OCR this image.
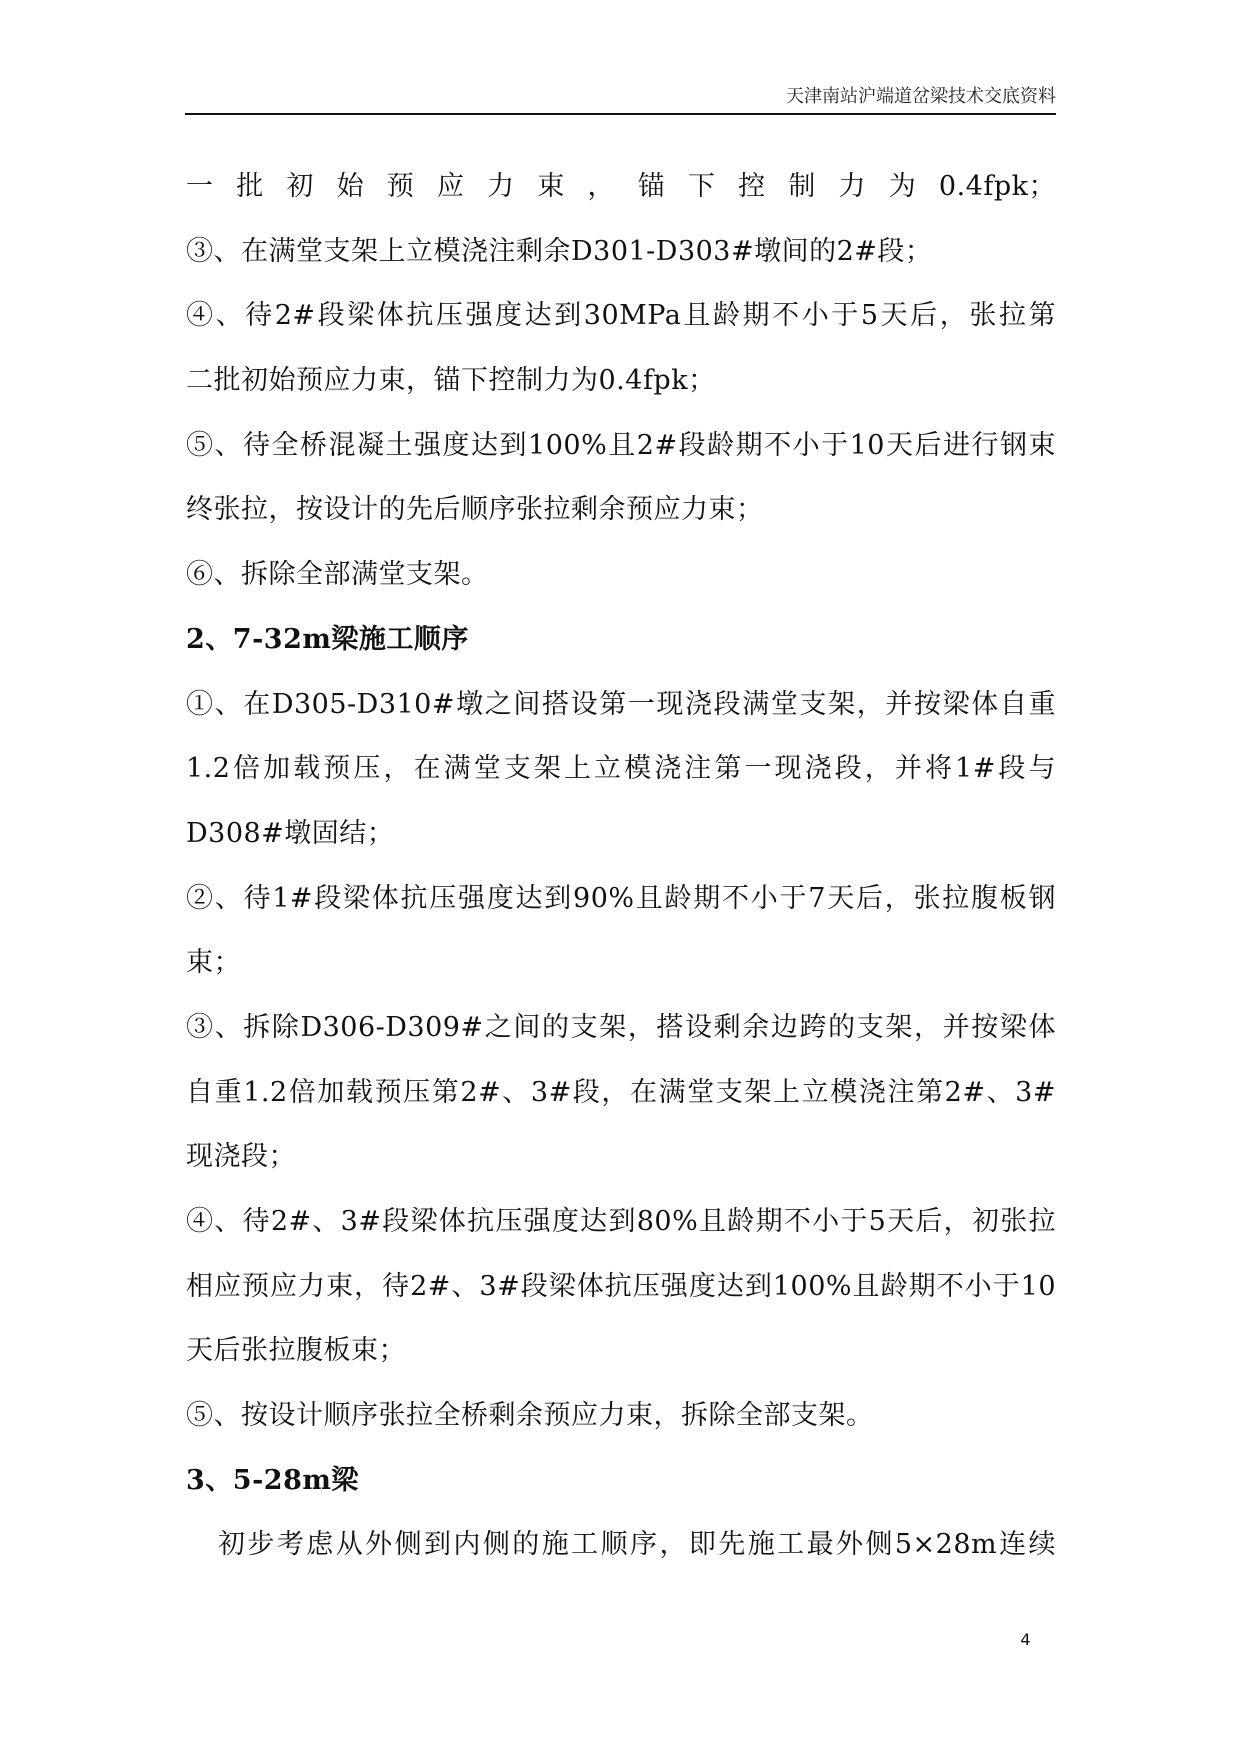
天津南站沪端道岔梁技术交底资料
一批初始预应力束，锚下控制力为0.4fpk；
③、在满堂支架上立模浇注剩余D301-D303#墩间的2#段；
④、待2#段梁体抗压强度达到30MPa且龄期不小于5天后，张拉第
二批初始预应力束，锚下控制力为0.4fpk；
⑤、待全桥混凝土强度达到100%且2#段龄期不小于10天后进行钢束
终张拉，按设计的先后顺序张拉剩余预应力束；
⑥、拆除全部满堂支架。
2、7-32m梁施工顺序
①、在D305-D310#墩之间搭设第一现浇段满堂支架，并按梁体自重
1.2倍加载预压，在满堂支架上立模浇注第一现浇段，并将1#段与
D308#墩固结；
②、待1#段梁体抗压强度达到90%且龄期不小于7天后，张拉腹板钢
束；
③、拆除D306-D309#之间的支架，搭设剩余边跨的支架，并按梁体
自重1.2倍加载预压第2#、3#段，在满堂支架上立模浇注第2#、3#
现浇段；
④、待2#、3#段梁体抗压强度达到80%且龄期不小于5天后，初张拉
相应预应力束，待2#、3#段梁体抗压强度达到100%且龄期不小于10
天后张拉腹板束；
⑤、按设计顺序张拉全桥剩余预应力束，拆除全部支架。
3、5-28m梁
初步考虑从外侧到内侧的施工顺序，即先施工最外侧5×28m连续
4
